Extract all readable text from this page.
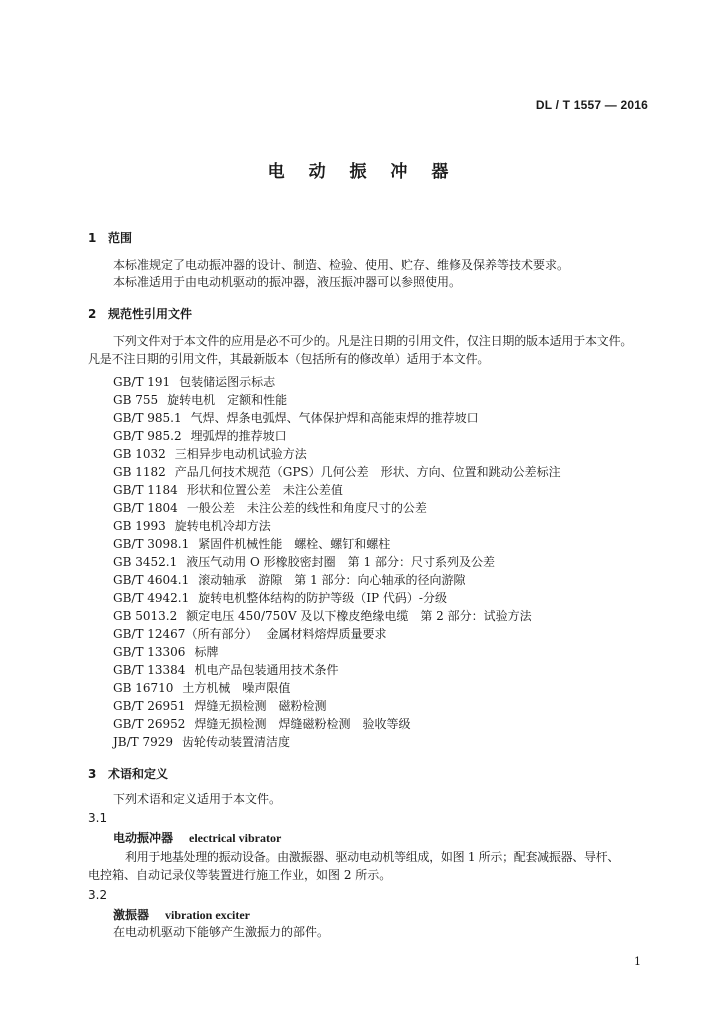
DL / T 1557 — 2016
电 动 振 冲 器
1 范围
本标准规定了电动振冲器的设计、制造、检验、使用、贮存、维修及保养等技术要求。
本标准适用于由电动机驱动的振冲器，液压振冲器可以参照使用。
2 规范性引用文件
下列文件对于本文件的应用是必不可少的。凡是注日期的引用文件，仅注日期的版本适用于本文件。
凡是不注日期的引用文件，其最新版本（包括所有的修改单）适用于本文件。
GB/T 191 包装储运图示标志
GB 755 旋转电机　定额和性能
GB/T 985.1 气焊、焊条电弧焊、气体保护焊和高能束焊的推荐坡口
GB/T 985.2 埋弧焊的推荐坡口
GB 1032 三相异步电动机试验方法
GB 1182 产品几何技术规范（GPS）几何公差　形状、方向、位置和跳动公差标注
GB/T 1184 形状和位置公差　未注公差值
GB/T 1804 一般公差　未注公差的线性和角度尺寸的公差
GB 1993 旋转电机冷却方法
GB/T 3098.1 紧固件机械性能　螺栓、螺钉和螺柱
GB 3452.1 液压气动用 O 形橡胶密封圈　第 1 部分：尺寸系列及公差
GB/T 4604.1 滚动轴承　游隙　第 1 部分：向心轴承的径向游隙
GB/T 4942.1 旋转电机整体结构的防护等级（IP 代码）-分级
GB 5013.2 额定电压 450/750V 及以下橡皮绝缘电缆　第 2 部分：试验方法
GB/T 12467（所有部分） 金属材料熔焊质量要求
GB/T 13306 标牌
GB/T 13384 机电产品包装通用技术条件
GB 16710 土方机械　噪声限值
GB/T 26951 焊缝无损检测　磁粉检测
GB/T 26952 焊缝无损检测　焊缝磁粉检测　验收等级
JB/T 7929 齿轮传动装置清洁度
3 术语和定义
下列术语和定义适用于本文件。
3.1
电动振冲器 electrical vibrator
利用于地基处理的振动设备。由激振器、驱动电动机等组成，如图 1 所示；配套减振器、导杆、
电控箱、自动记录仪等装置进行施工作业，如图 2 所示。
3.2
激振器 vibration exciter
在电动机驱动下能够产生激振力的部件。
1
